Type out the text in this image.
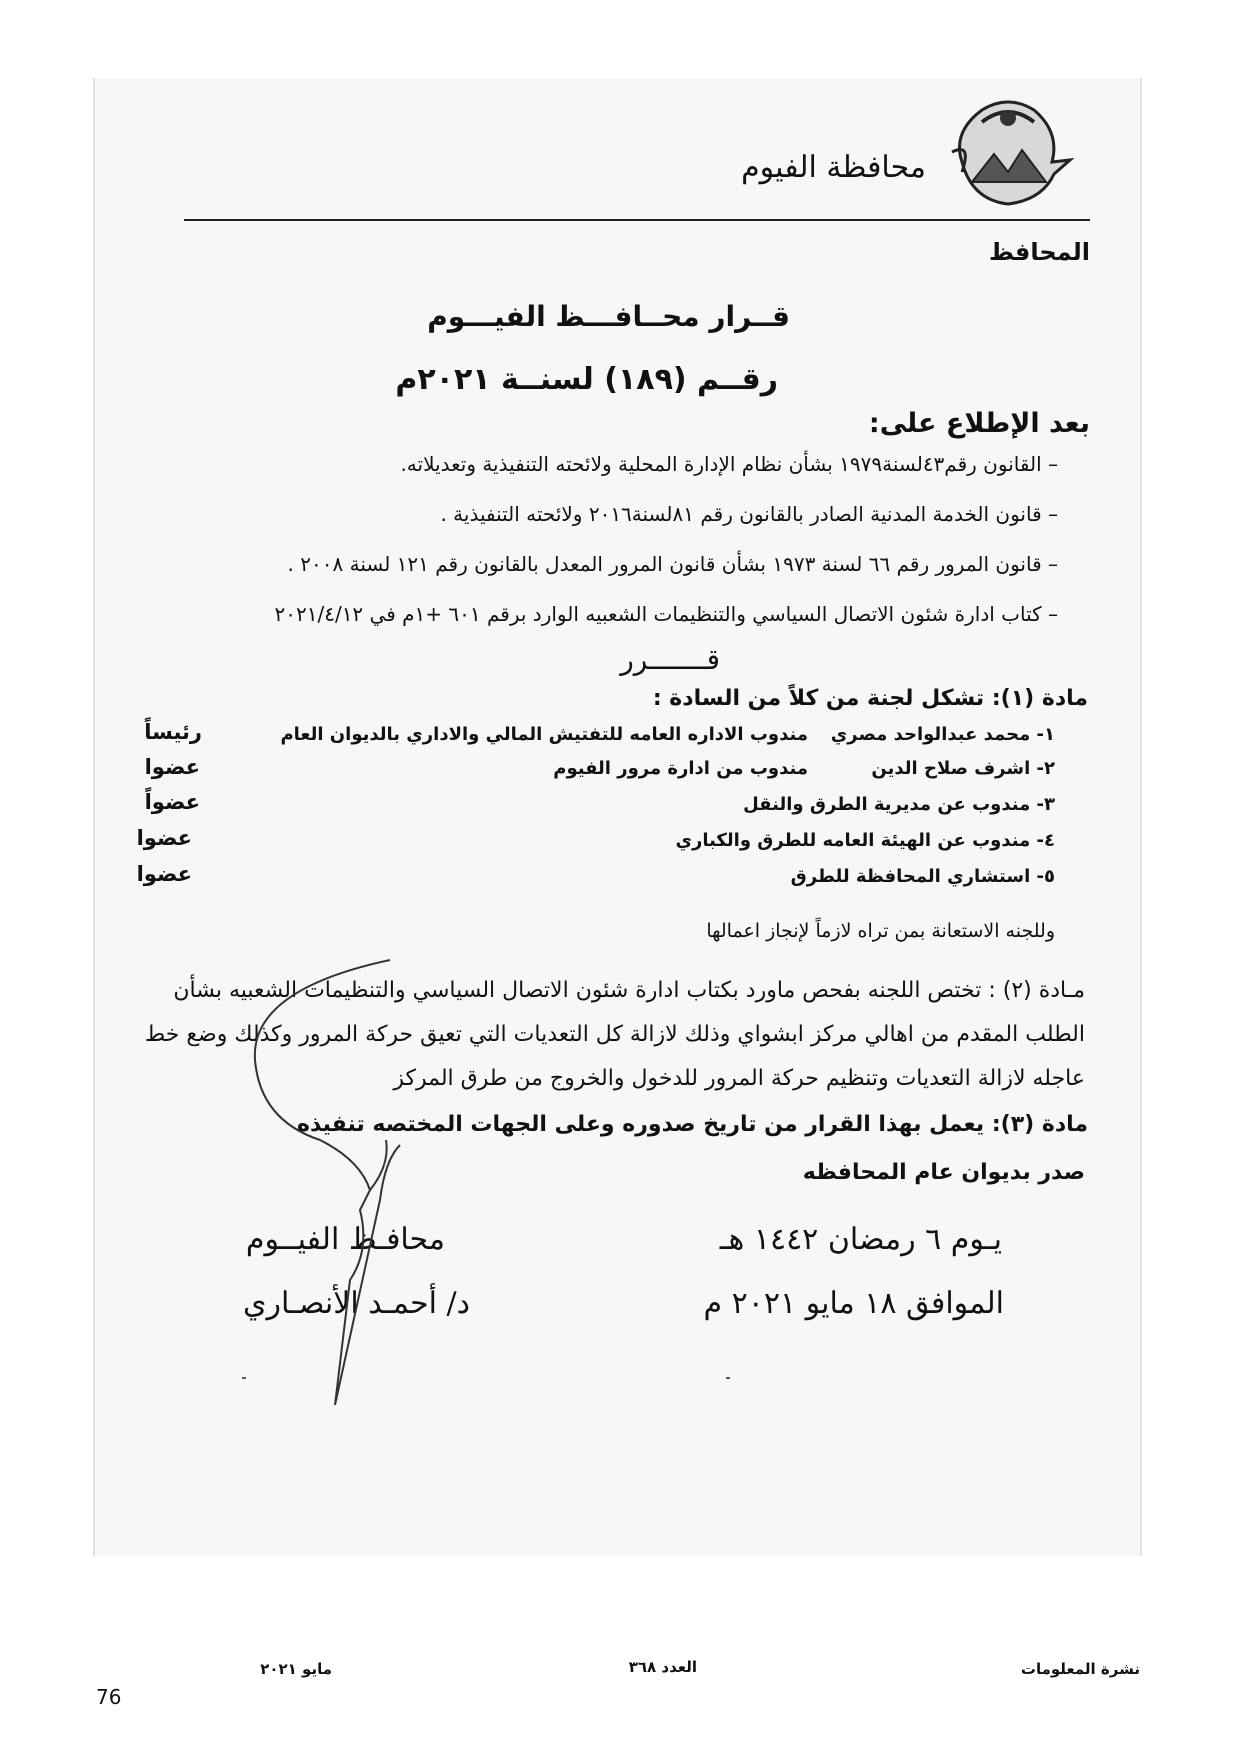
محافظة الفيوم
المحافظ
قــرار محــافـــظ الفيـــوم
رقــم (١٨٩) لسنــة ٢٠٢١م
بعد الإطلاع على:
– القانون رقم٤٣لسنة١٩٧٩ بشأن نظام الإدارة المحلية ولائحته التنفيذية وتعديلاته.
– قانون الخدمة المدنية الصادر بالقانون رقم ٨١لسنة٢٠١٦ ولائحته التنفيذية .
– قانون المرور رقم ٦٦ لسنة ١٩٧٣ بشأن قانون المرور المعدل بالقانون رقم ١٢١ لسنة ٢٠٠٨ .
– كتاب ادارة شئون الاتصال السياسي والتنظيمات الشعبيه الوارد برقم ٦٠١ +١م في ٢٠٢١/٤/١٢
قـــــــرر
مادة (١): تشكل لجنة من كلاً من السادة :
١- محمد عبدالواحد مصري
مندوب الاداره العامه للتفتيش المالي والاداري بالديوان العام
رئيساً
٢- اشرف صلاح الدين
مندوب من ادارة مرور الفيوم
عضوا
٣- مندوب عن مديرية الطرق والنقل
عضواً
٤- مندوب عن الهيئة العامه للطرق والكباري
عضوا
٥- استشاري المحافظة للطرق
عضوا
وللجنه الاستعانة بمن تراه لازماً لإنجاز اعمالها
مـادة (٢) : تختص اللجنه بفحص ماورد بكتاب ادارة شئون الاتصال السياسي والتنظيمات الشعبيه بشأن
الطلب المقدم من اهالي مركز ابشواي وذلك لازالة كل التعديات التي تعيق حركة المرور وكذلك وضع خط
عاجله لازالة التعديات وتنظيم حركة المرور للدخول والخروج من طرق المركز
مادة (٣): يعمل بهذا القرار من تاريخ صدوره وعلى الجهات المختصه تنفيذه
صدر بديوان عام المحافظه
يـوم ٦ رمضان ١٤٤٢ هـ
الموافق ١٨ مايو ٢٠٢١ م
محافـظ الفيــوم
د/ أحمـد الأنصـاري
نشرة المعلومات
العدد ٣٦٨
مايو ٢٠٢١
76
